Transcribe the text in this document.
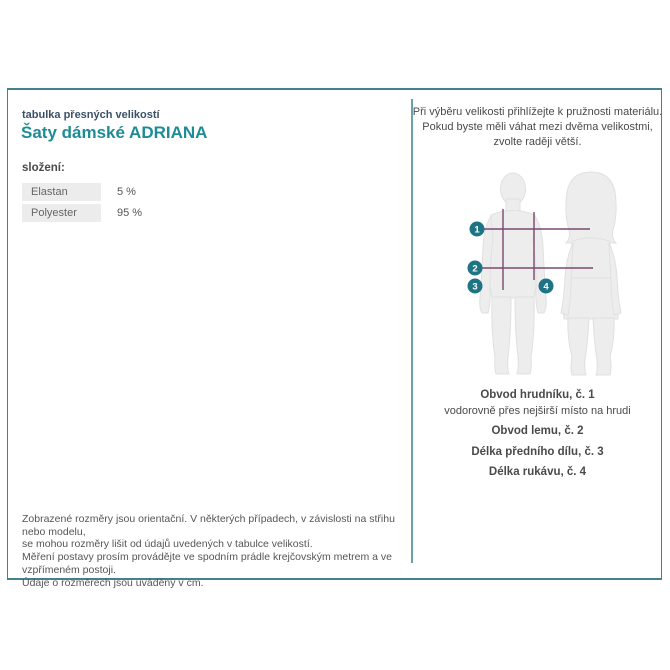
tabulka přesných velikostí
Šaty dámské ADRIANA
složení:
Elastan	5 %
Polyester	95 %
Zobrazené rozměry jsou orientační. V některých případech, v závislosti na střihu nebo modelu,
se mohou rozměry lišit od údajů uvedených v tabulce velikostí.
Měření postavy prosím provádějte ve spodním prádle krejčovským metrem a ve vzpřímeném postoji.
Údaje o rozměrech jsou uváděny v cm.
Při výběru velikosti přihlížejte k pružnosti materiálu.
Pokud byste měli váhat mezi dvěma velikostmi,
zvolte raději větší.
1
2
3	4
Obvod hrudníku, č. 1
vodorovně přes nejširší místo na hrudi
Obvod lemu, č. 2
Délka předního dílu, č. 3
Délka rukávu, č. 4
